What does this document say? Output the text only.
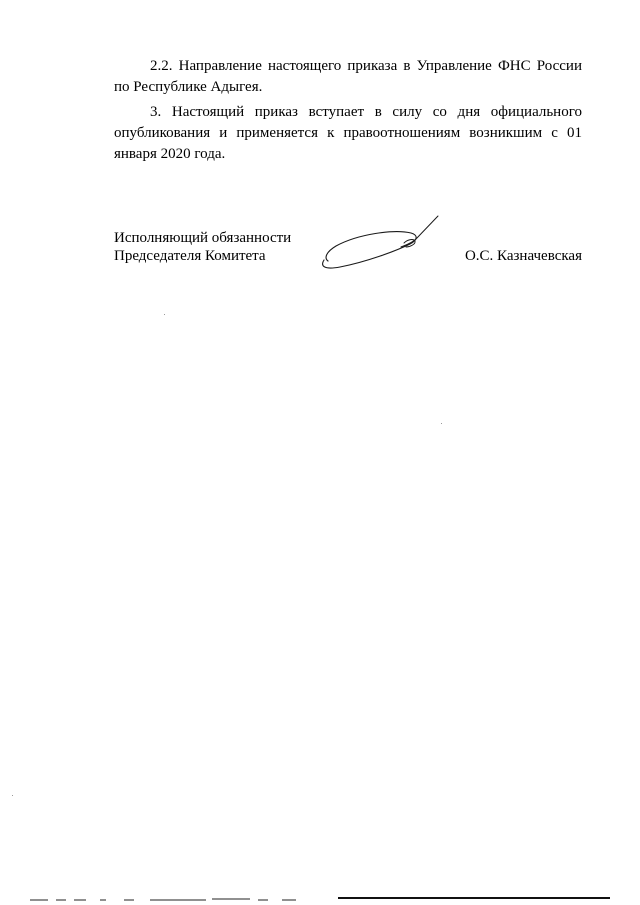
2.2. Направление настоящего приказа в Управление ФНС России по Республике Адыгея.

3. Настоящий приказ вступает в силу со дня официального опубликования и применяется к правоотношениям возникшим с 01 января 2020 года.

Исполняющий обязанности
Председателя Комитета	О.С. Казначевская
